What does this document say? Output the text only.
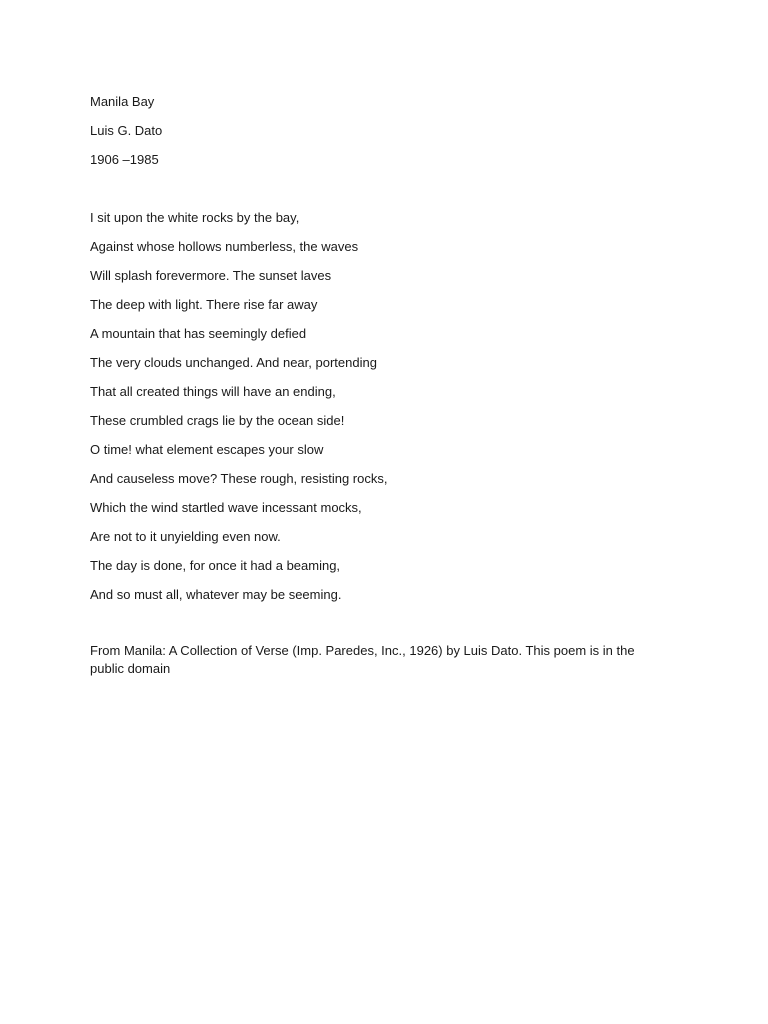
Manila Bay
Luis G. Dato
1906 –1985
I sit upon the white rocks by the bay,
Against whose hollows numberless, the waves
Will splash forevermore. The sunset laves
The deep with light. There rise far away
A mountain that has seemingly defied
The very clouds unchanged. And near, portending
That all created things will have an ending,
These crumbled crags lie by the ocean side!
O time! what element escapes your slow
And causeless move? These rough, resisting rocks,
Which the wind startled wave incessant mocks,
Are not to it unyielding even now.
The day is done, for once it had a beaming,
And so must all, whatever may be seeming.
From Manila: A Collection of Verse (Imp. Paredes, Inc., 1926) by Luis Dato. This poem is in the public domain
